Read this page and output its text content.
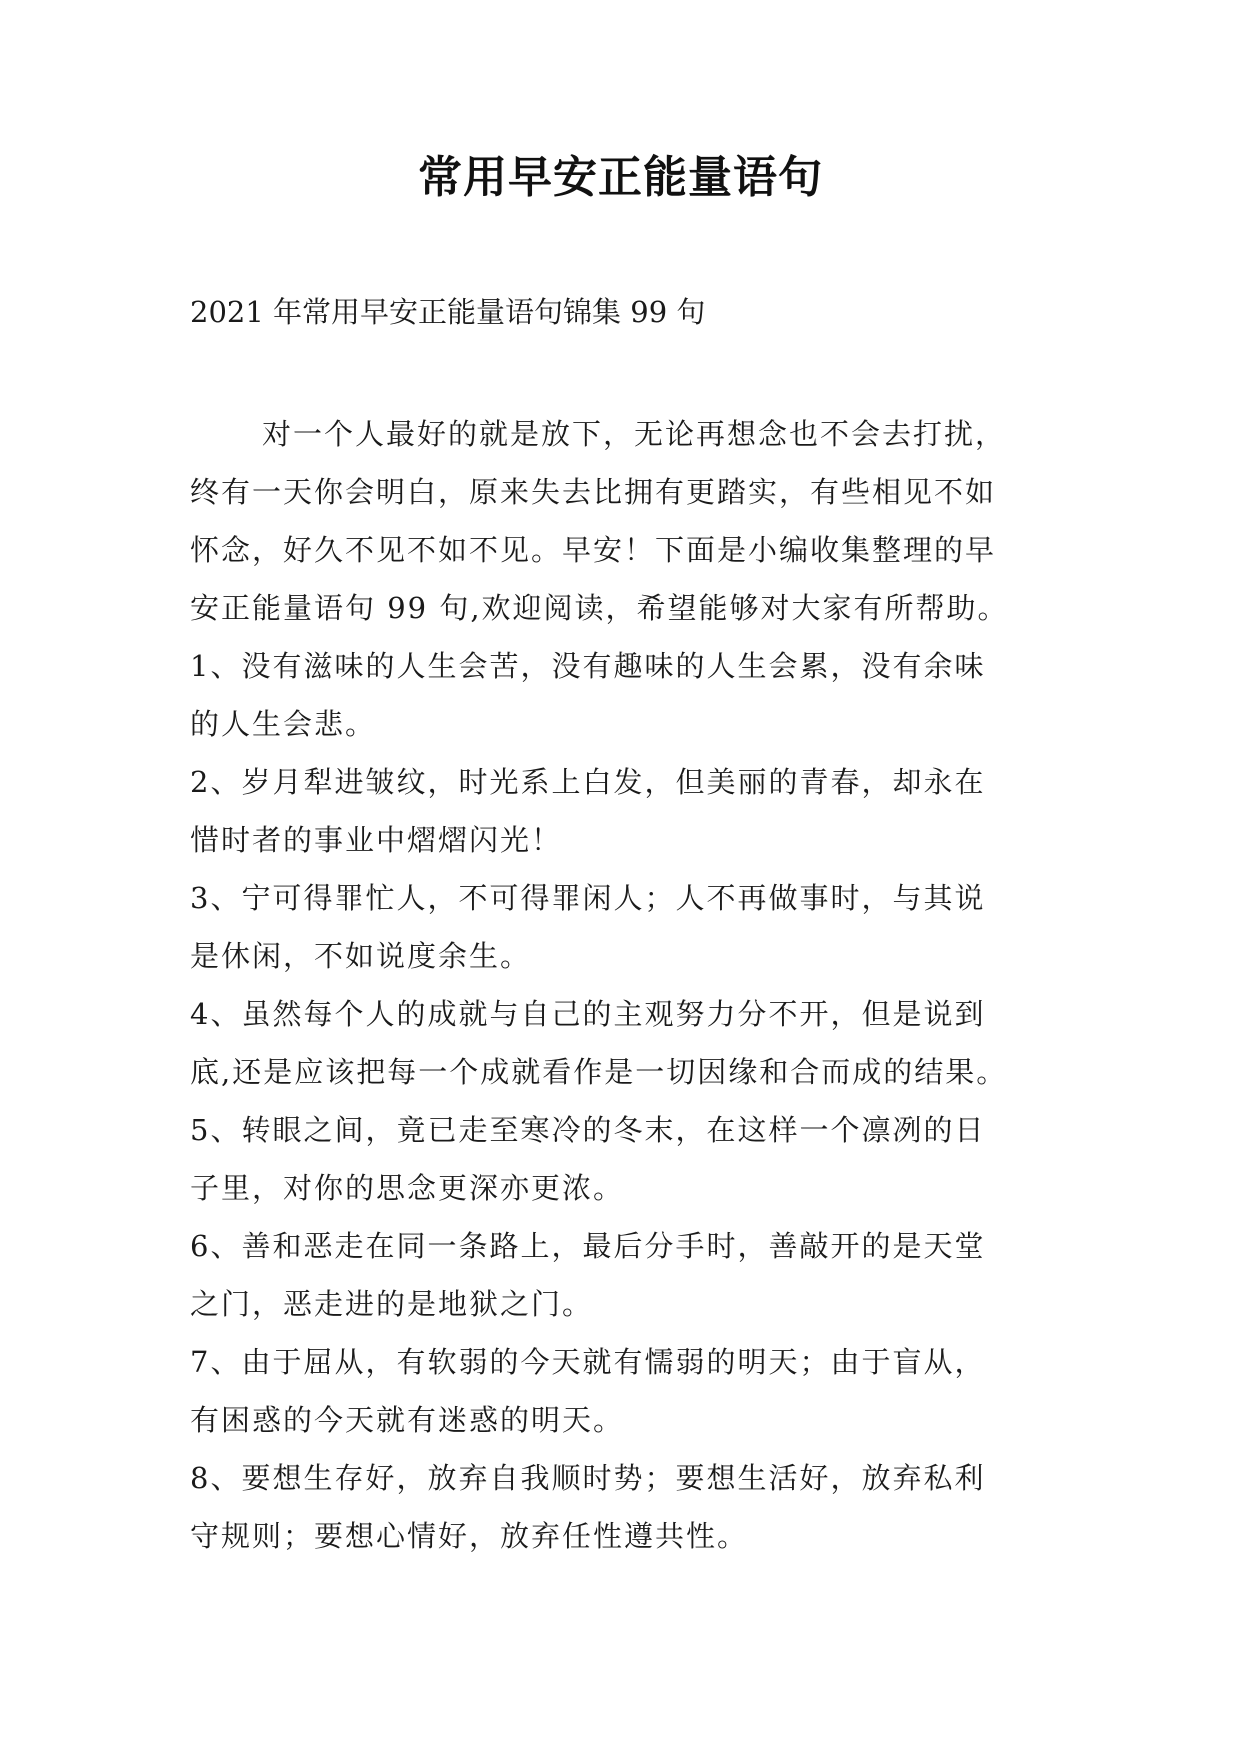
常用早安正能量语句
2021 年常用早安正能量语句锦集 99 句
对一个人最好的就是放下，无论再想念也不会去打扰，
终有一天你会明白，原来失去比拥有更踏实，有些相见不如
怀念，好久不见不如不见。早安！下面是小编收集整理的早
安正能量语句 99 句,欢迎阅读，希望能够对大家有所帮助。
1、没有滋味的人生会苦，没有趣味的人生会累，没有余味
的人生会悲。
2、岁月犁进皱纹，时光系上白发，但美丽的青春，却永在
惜时者的事业中熠熠闪光！
3、宁可得罪忙人，不可得罪闲人；人不再做事时，与其说
是休闲，不如说度余生。
4、虽然每个人的成就与自己的主观努力分不开，但是说到
底,还是应该把每一个成就看作是一切因缘和合而成的结果。
5、转眼之间，竟已走至寒冷的冬末，在这样一个凛冽的日
子里，对你的思念更深亦更浓。
6、善和恶走在同一条路上，最后分手时，善敲开的是天堂
之门，恶走进的是地狱之门。
7、由于屈从，有软弱的今天就有懦弱的明天；由于盲从，
有困惑的今天就有迷惑的明天。
8、要想生存好，放弃自我顺时势；要想生活好，放弃私利
守规则；要想心情好，放弃任性遵共性。
